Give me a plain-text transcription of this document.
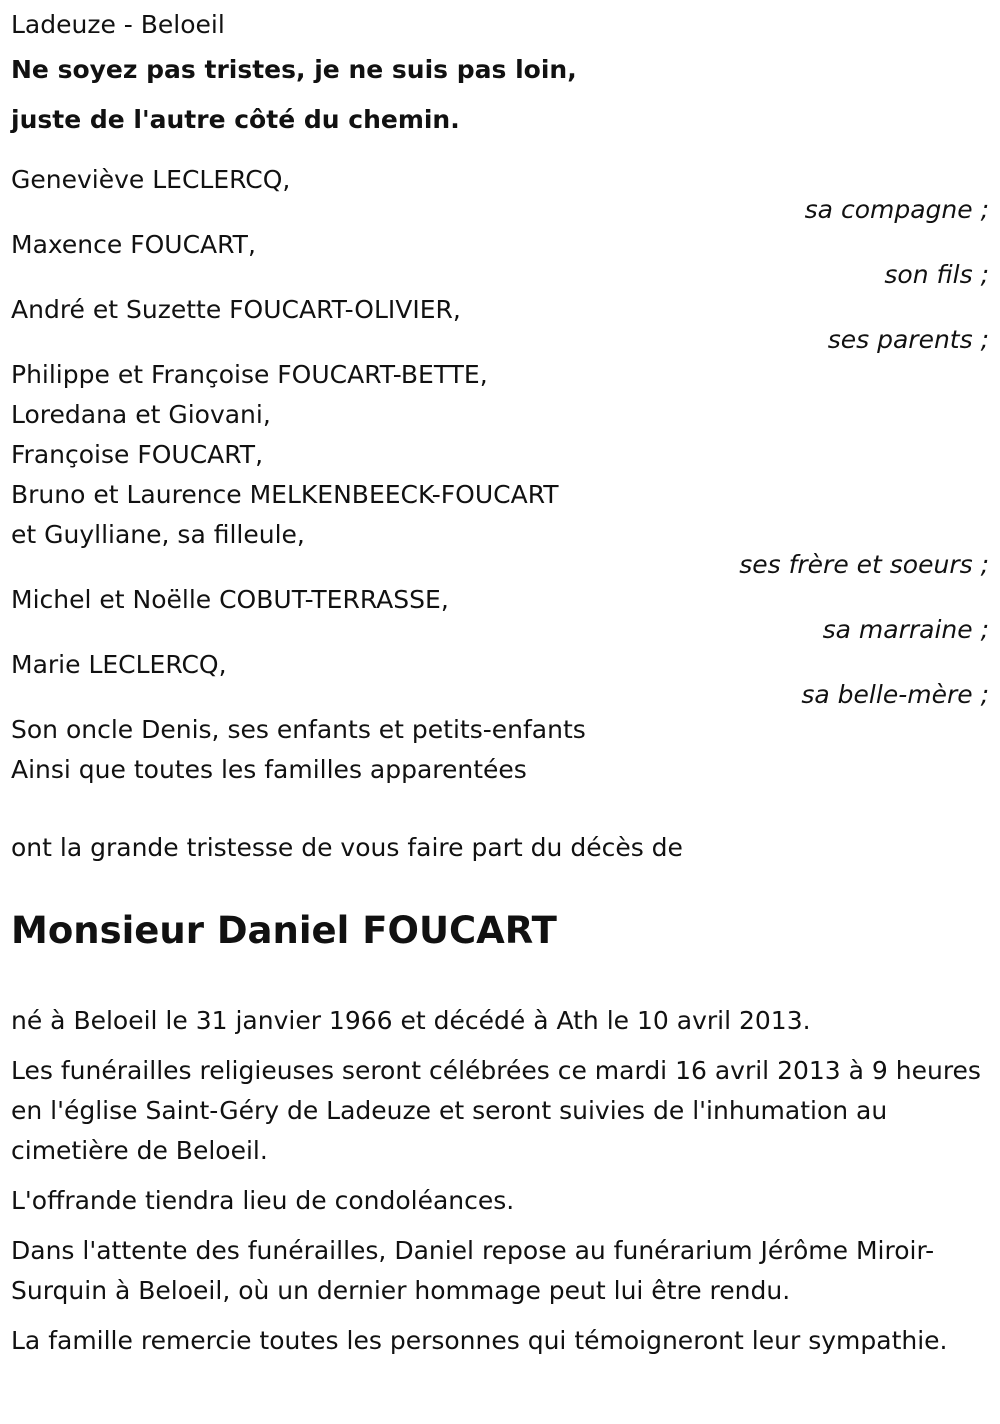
Ladeuze - Beloeil

Ne soyez pas tristes, je ne suis pas loin,

juste de l'autre côté du chemin.

Geneviève LECLERCQ,
sa compagne ;
Maxence FOUCART,
son fils ;
André et Suzette FOUCART-OLIVIER,
ses parents ;
Philippe et Françoise FOUCART-BETTE,
Loredana et Giovani,
Françoise FOUCART,
Bruno et Laurence MELKENBEECK-FOUCART
et Guylliane, sa filleule,
ses frère et soeurs ;
Michel et Noëlle COBUT-TERRASSE,
sa marraine ;
Marie LECLERCQ,
sa belle-mère ;

Son oncle Denis, ses enfants et petits-enfants

Ainsi que toutes les familles apparentées

ont la grande tristesse de vous faire part du décès de

Monsieur Daniel FOUCART

né à Beloeil le 31 janvier 1966 et décédé à Ath le 10 avril 2013.

Les funérailles religieuses seront célébrées ce mardi 16 avril 2013 à 9 heures en l'église Saint-Géry de Ladeuze et seront suivies de l'inhumation au cimetière de Beloeil.

L'offrande tiendra lieu de condoléances.

Dans l'attente des funérailles, Daniel repose au funérarium Jérôme Miroir-Surquin à Beloeil, où un dernier hommage peut lui être rendu.

La famille remercie toutes les personnes qui témoigneront leur sympathie.
